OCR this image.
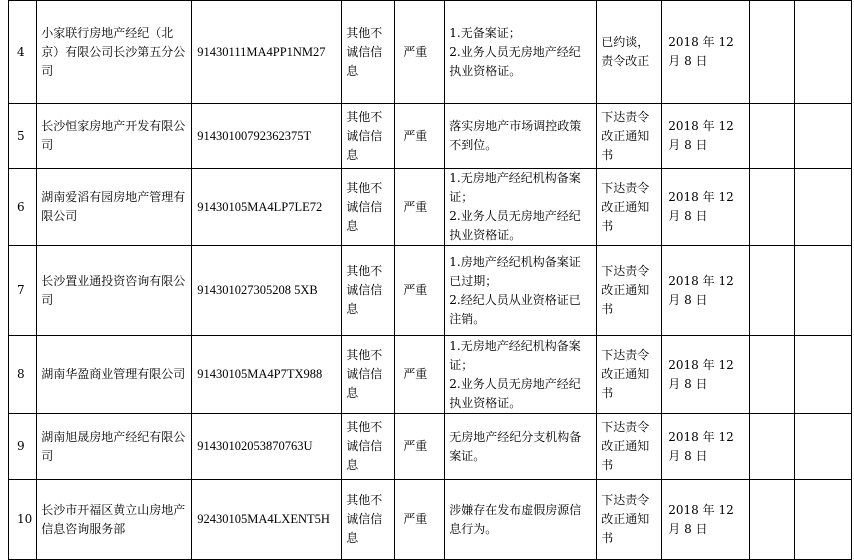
4	小家联行房地产经纪（北京）有限公司长沙第五分公司	91430111MA4PP1NM27	其他不诚信信息	严重	1.无备案证；
2.业务人员无房地产经纪执业资格证。	已约谈，责令改正	2018 年 12 月 8 日		
5	长沙恒家房地产开发有限公司	91430100792362375T	其他不诚信信息	严重	落实房地产市场调控政策不到位。	下达责令改正通知书	2018 年 12 月 8 日		
6	湖南爱滔有园房地产管理有限公司	91430105MA4LP7LE72	其他不诚信信息	严重	1.无房地产经纪机构备案证；
2.业务人员无房地产经纪执业资格证。	下达责令改正通知书	2018 年 12 月 8 日		
7	长沙置业通投资咨询有限公司	914301027305208 5XB	其他不诚信信息	严重	1.房地产经纪机构备案证已过期；
2.经纪人员从业资格证已注销。	下达责令改正通知书	2018 年 12 月 8 日		
8	湖南华盈商业管理有限公司	91430105MA4P7TX988	其他不诚信信息	严重	1.无房地产经纪机构备案证；
2.业务人员无房地产经纪执业资格证。	下达责令改正通知书	2018 年 12 月 8 日		
9	湖南旭晟房地产经纪有限公司	91430102053870763U	其他不诚信信息	严重	无房地产经纪分支机构备案证。	下达责令改正通知书	2018 年 12 月 8 日		
10	长沙市开福区黄立山房地产信息咨询服务部	92430105MA4LXENT5H	其他不诚信信息	严重	涉嫌存在发布虚假房源信息行为。	下达责令改正通知书	2018 年 12 月 8 日		
